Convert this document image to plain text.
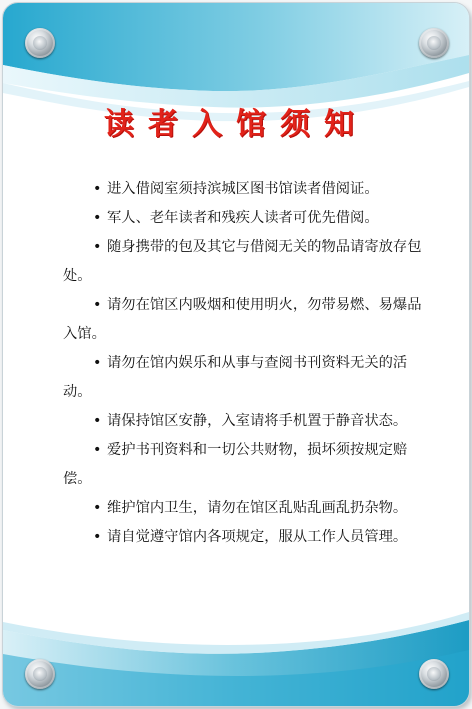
读者入馆须知
• 进入借阅室须持滨城区图书馆读者借阅证。
• 军人、老年读者和残疾人读者可优先借阅。
• 随身携带的包及其它与借阅无关的物品请寄放存包处。
• 请勿在馆区内吸烟和使用明火，勿带易燃、易爆品入馆。
• 请勿在馆内娱乐和从事与查阅书刊资料无关的活动。
• 请保持馆区安静，入室请将手机置于静音状态。
• 爱护书刊资料和一切公共财物，损坏须按规定赔偿。
• 维护馆内卫生，请勿在馆区乱贴乱画乱扔杂物。
• 请自觉遵守馆内各项规定，服从工作人员管理。
